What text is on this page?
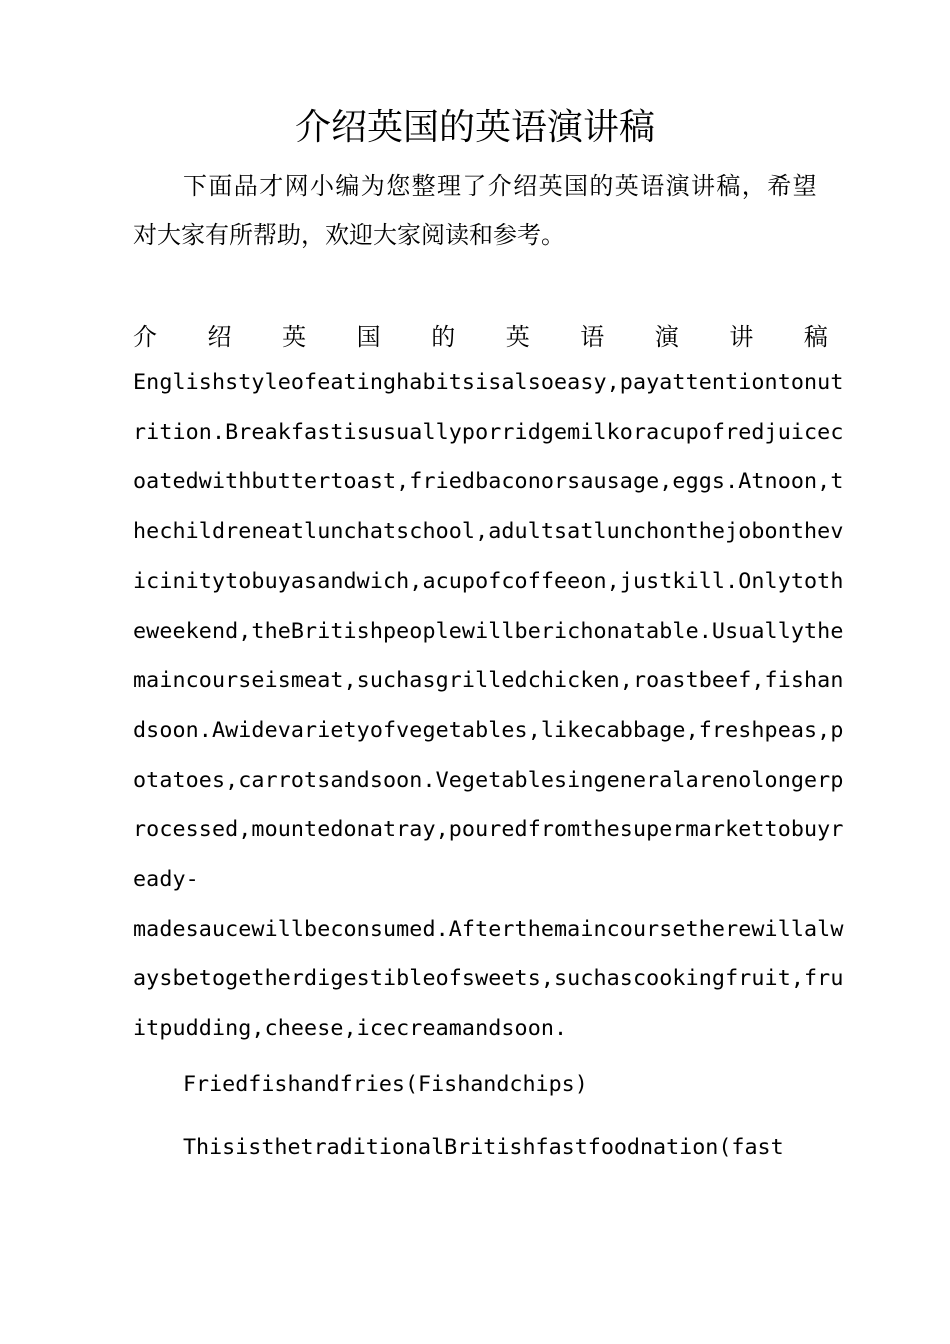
介绍英国的英语演讲稿

下面品才网小编为您整理了介绍英国的英语演讲稿，希望
对大家有所帮助，欢迎大家阅读和参考。

介 绍 英 国 的 英 语 演 讲 稿
Englishstyleofeatinghabitsisalsoeasy,payattentiontonut
rition.Breakfastisusuallyporridgemilkoracupofredjuicec
oatedwithbuttertoast,friedbaconorsausage,eggs.Atnoon,t
hechildreneatlunchatschool,adultsatlunchonthejobonthev
icinitytobuyasandwich,acupofcoffeeon,justkill.Onlytoth
eweekend,theBritishpeoplewillberichonatable.Usuallythe
maincourseismeat,suchasgrilledchicken,roastbeef,fishan
dsoon.Awidevarietyofvegetables,likecabbage,freshpeas,p
otatoes,carrotsandsoon.Vegetablesingeneralarenolongerp
rocessed,mountedonatray,pouredfromthesupermarkettobuyr
eady-
madesaucewillbeconsumed.Afterthemaincoursetherewillalw
aysbetogetherdigestibleofsweets,suchascookingfruit,fru
itpudding,cheese,icecreamandsoon.

Friedfishandfries(Fishandchips)

ThisisthetraditionalBritishfastfoodnation(fast
